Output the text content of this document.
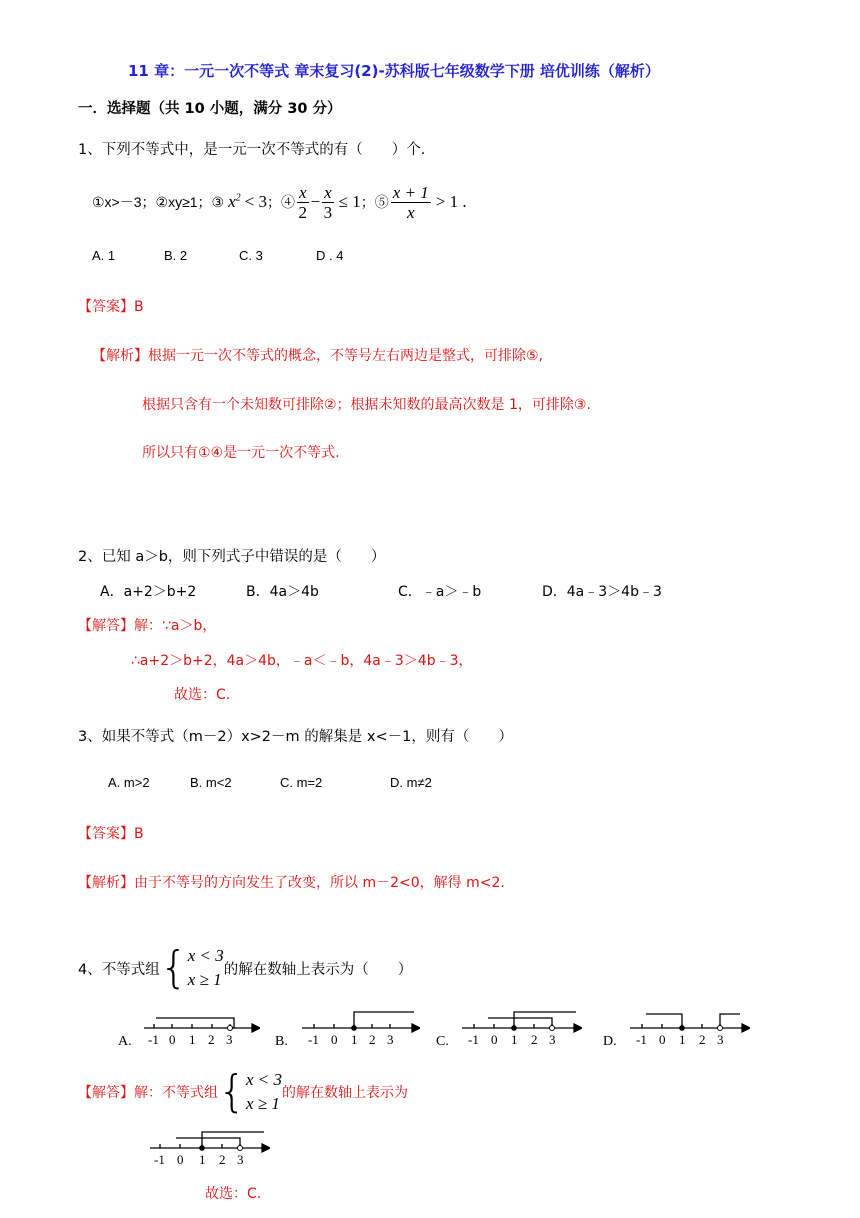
11 章：一元一次不等式 章末复习(2)-苏科版七年级数学下册 培优训练（解析）
一．选择题（共 10 小题，满分 30 分）
1、下列不等式中，是一元一次不等式的有（　　）个.
①x>－3；②xy≥1；③ $x^2 < 3$ ；④ $\frac{x}{2} - \frac{x}{3} \le 1$ ；⑤ $\frac{x + 1}{x} > 1$ .
A. 1	B. 2	C. 3	D . 4
【答案】B
【解析】根据一元一次不等式的概念，不等号左右两边是整式，可排除⑤,
根据只含有一个未知数可排除②；根据未知数的最高次数是 1，可排除③.
所以只有①④是一元一次不等式.
2、已知 a＞b，则下列式子中错误的是（　　）
A．a+2＞b+2	B．4a＞4b	C．﹣a＞﹣b	D．4a﹣3＞4b﹣3
【解答】解：∵a＞b，
∴a+2＞b+2，4a＞4b，﹣a＜﹣b，4a﹣3＞4b﹣3，
故选：C.
3、如果不等式（m－2）x>2－m 的解集是 x<－1，则有（　　）
A. m>2	B. m<2	C. m=2	D. m≠2
【答案】B
【解析】由于不等号的方向发生了改变，所以 m－2<0，解得 m<2.
4、不等式组 { x < 3
x ≥ 1
的解在数轴上表示为（　　）
A. -1 0 1 2 3	B. -1 0 1 2 3	C. -1 0 1 2 3	D. -1 0 1 2 3
【解答】解：不等式组 { x < 3
x ≥ 1
的解在数轴上表示为
-1 0 1 2 3
故选：C.
